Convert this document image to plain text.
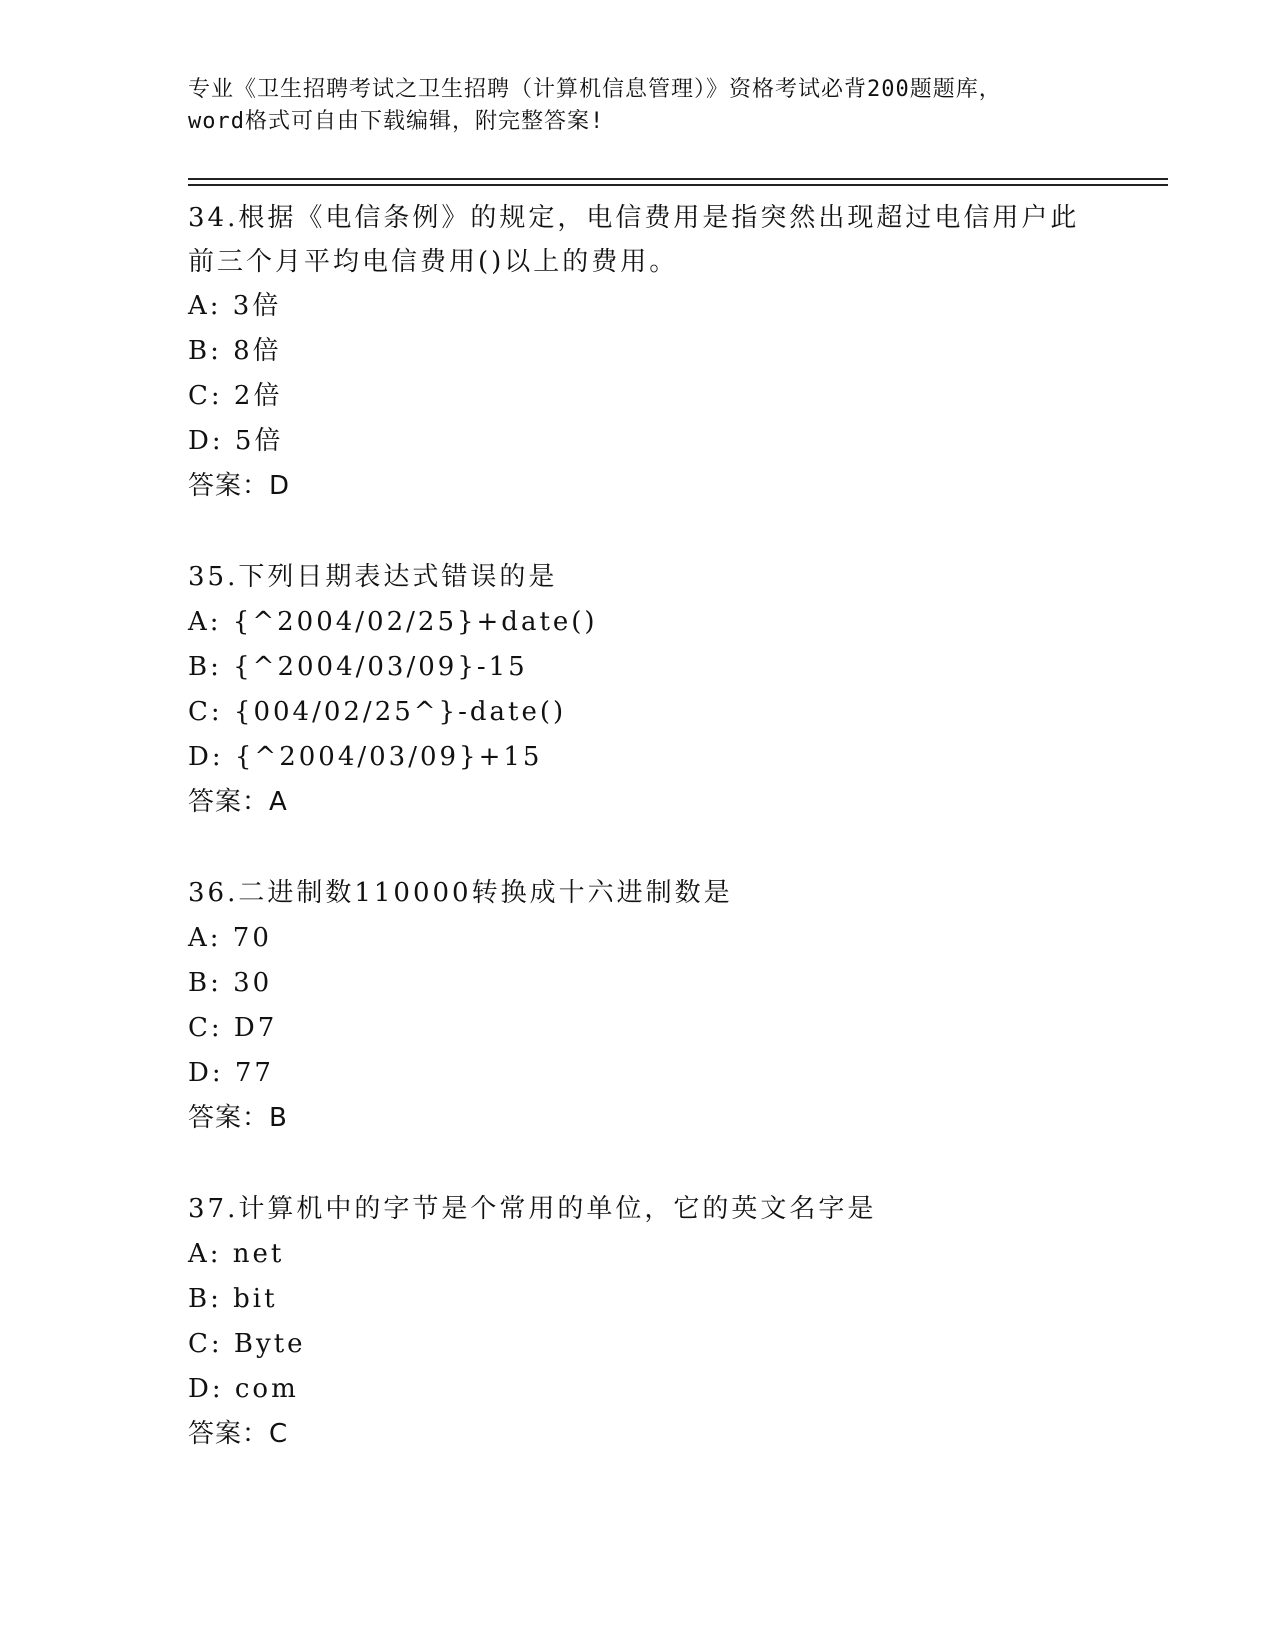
专业《卫生招聘考试之卫生招聘（计算机信息管理）》资格考试必背200题题库，
word格式可自由下载编辑，附完整答案!
34.根据《电信条例》的规定，电信费用是指突然出现超过电信用户此前三个月平均电信费用()以上的费用。
A: 3倍
B: 8倍
C: 2倍
D: 5倍
答案：D
35.下列日期表达式错误的是
A: {^2004/02/25}+date()
B: {^2004/03/09}-15
C: {004/02/25^}-date()
D: {^2004/03/09}+15
答案：A
36.二进制数110000转换成十六进制数是
A: 70
B: 30
C: D7
D: 77
答案：B
37.计算机中的字节是个常用的单位，它的英文名字是
A: net
B: bit
C: Byte
D: com
答案：C
